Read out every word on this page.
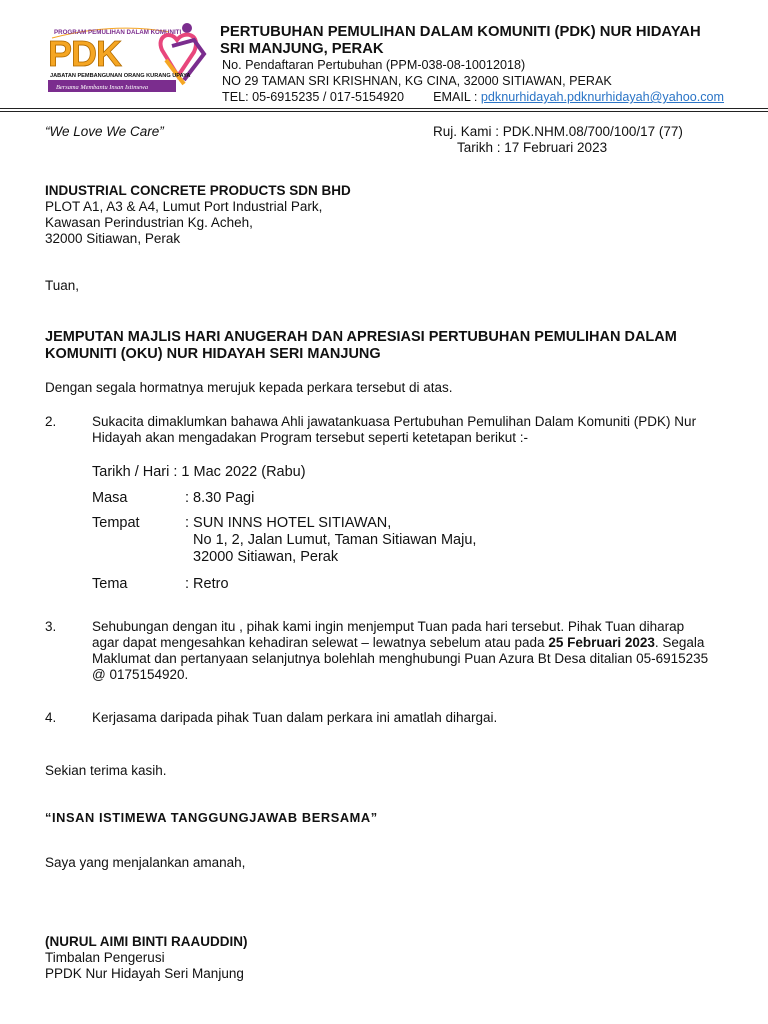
PROGRAM PEMULIHAN DALAM KOMUNITI
PDK
JABATAN PEMBANGUNAN ORANG KURANG UPAYA
Bersama Membantu Insan Istimewa
PERTUBUHAN PEMULIHAN DALAM KOMUNITI (PDK) NUR HIDAYAH
SRI MANJUNG, PERAK
No. Pendaftaran Pertubuhan (PPM-038-08-10012018)
NO 29 TAMAN SRI KRISHNAN, KG CINA, 32000 SITIAWAN, PERAK
TEL: 05-6915235 / 017-5154920 EMAIL : pdknurhidayah.pdknurhidayah@yahoo.com
“We Love We Care”	Ruj. Kami : PDK.NHM.08/700/100/17 (77)
Tarikh : 17 Februari 2023
INDUSTRIAL CONCRETE PRODUCTS SDN BHD
PLOT A1, A3 & A4, Lumut Port Industrial Park,
Kawasan Perindustrian Kg. Acheh,
32000 Sitiawan, Perak
Tuan,
JEMPUTAN MAJLIS HARI ANUGERAH DAN APRESIASI PERTUBUHAN PEMULIHAN DALAM
KOMUNITI (OKU) NUR HIDAYAH SERI MANJUNG
Dengan segala hormatnya merujuk kepada perkara tersebut di atas.
2.	Sukacita dimaklumkan bahawa Ahli jawatankuasa Pertubuhan Pemulihan Dalam Komuniti (PDK) Nur
Hidayah akan mengadakan Program tersebut seperti ketetapan berikut :-
Tarikh / Hari : 1 Mac 2022 (Rabu)
Masa	: 8.30 Pagi
Tempat	: SUN INNS HOTEL SITIAWAN,
No 1, 2, Jalan Lumut, Taman Sitiawan Maju,
32000 Sitiawan, Perak
Tema	: Retro
3.	Sehubungan dengan itu , pihak kami ingin menjemput Tuan pada hari tersebut. Pihak Tuan diharap
agar dapat mengesahkan kehadiran selewat – lewatnya sebelum atau pada 25 Februari 2023. Segala
Maklumat dan pertanyaan selanjutnya bolehlah menghubungi Puan Azura Bt Desa ditalian 05-6915235
@ 0175154920.
4.	Kerjasama daripada pihak Tuan dalam perkara ini amatlah dihargai.
Sekian terima kasih.
“INSAN ISTIMEWA TANGGUNGJAWAB BERSAMA”
Saya yang menjalankan amanah,
(NURUL AIMI BINTI RAAUDDIN)
Timbalan Pengerusi
PPDK Nur Hidayah Seri Manjung
